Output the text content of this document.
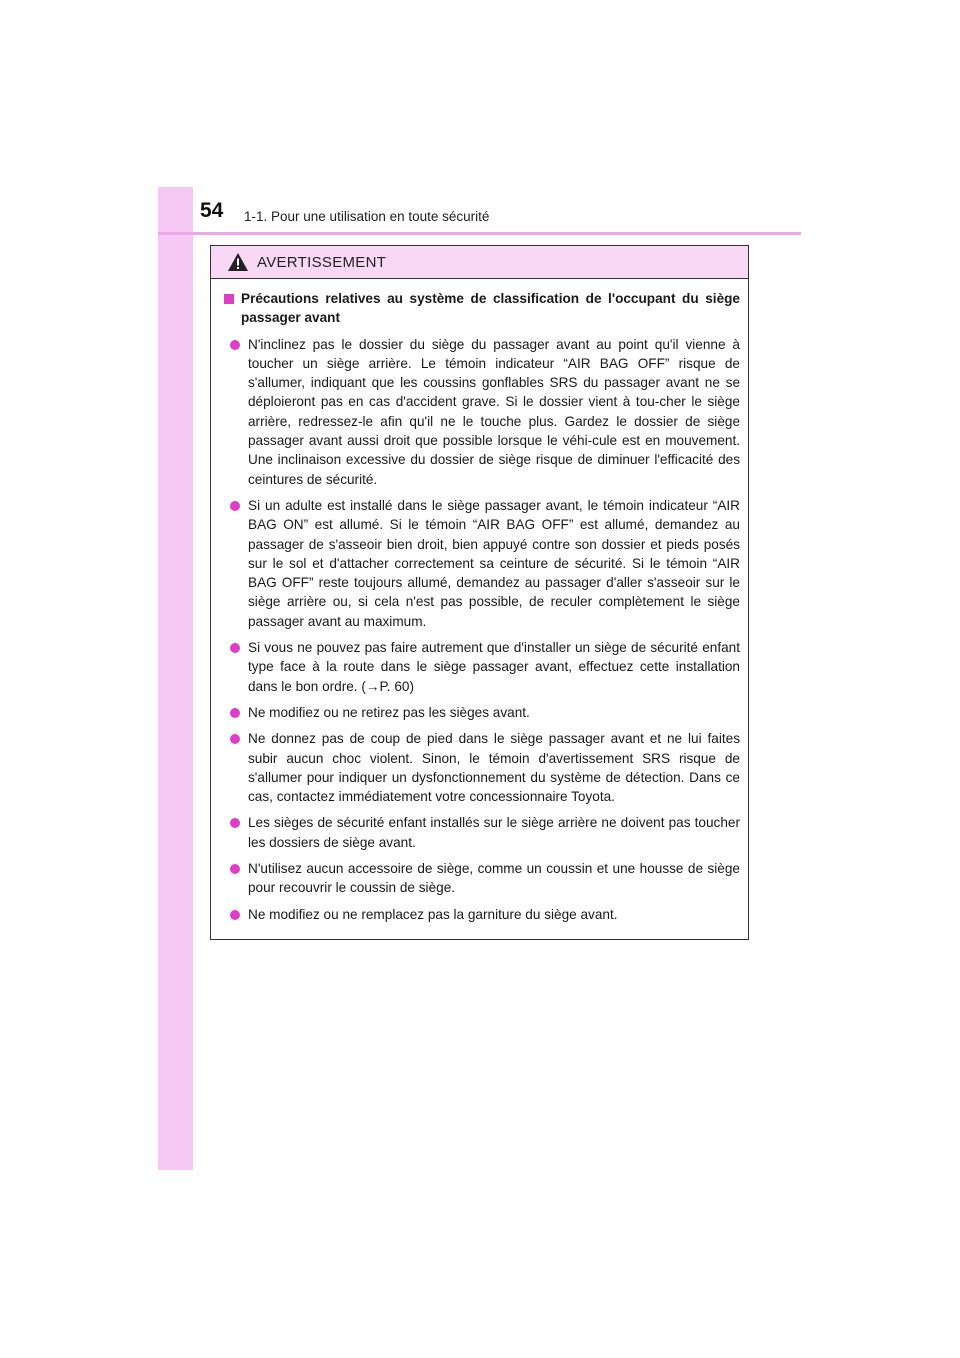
54 1-1. Pour une utilisation en toute sécurité
AVERTISSEMENT
Précautions relatives au système de classification de l'occupant du siège passager avant
N'inclinez pas le dossier du siège du passager avant au point qu'il vienne à toucher un siège arrière. Le témoin indicateur “AIR BAG OFF” risque de s'allumer, indiquant que les coussins gonflables SRS du passager avant ne se déploieront pas en cas d'accident grave. Si le dossier vient à tou-cher le siège arrière, redressez-le afin qu'il ne le touche plus. Gardez le dossier de siège passager avant aussi droit que possible lorsque le véhi-cule est en mouvement. Une inclinaison excessive du dossier de siège risque de diminuer l'efficacité des ceintures de sécurité.
Si un adulte est installé dans le siège passager avant, le témoin indicateur “AIR BAG ON” est allumé. Si le témoin “AIR BAG OFF” est allumé, demandez au passager de s'asseoir bien droit, bien appuyé contre son dossier et pieds posés sur le sol et d'attacher correctement sa ceinture de sécurité. Si le témoin “AIR BAG OFF” reste toujours allumé, demandez au passager d'aller s'asseoir sur le siège arrière ou, si cela n'est pas possible, de reculer complètement le siège passager avant au maximum.
Si vous ne pouvez pas faire autrement que d'installer un siège de sécurité enfant type face à la route dans le siège passager avant, effectuez cette installation dans le bon ordre. (→P. 60)
Ne modifiez ou ne retirez pas les sièges avant.
Ne donnez pas de coup de pied dans le siège passager avant et ne lui faites subir aucun choc violent. Sinon, le témoin d'avertissement SRS risque de s'allumer pour indiquer un dysfonctionnement du système de détection. Dans ce cas, contactez immédiatement votre concessionnaire Toyota.
Les sièges de sécurité enfant installés sur le siège arrière ne doivent pas toucher les dossiers de siège avant.
N'utilisez aucun accessoire de siège, comme un coussin et une housse de siège pour recouvrir le coussin de siège.
Ne modifiez ou ne remplacez pas la garniture du siège avant.
